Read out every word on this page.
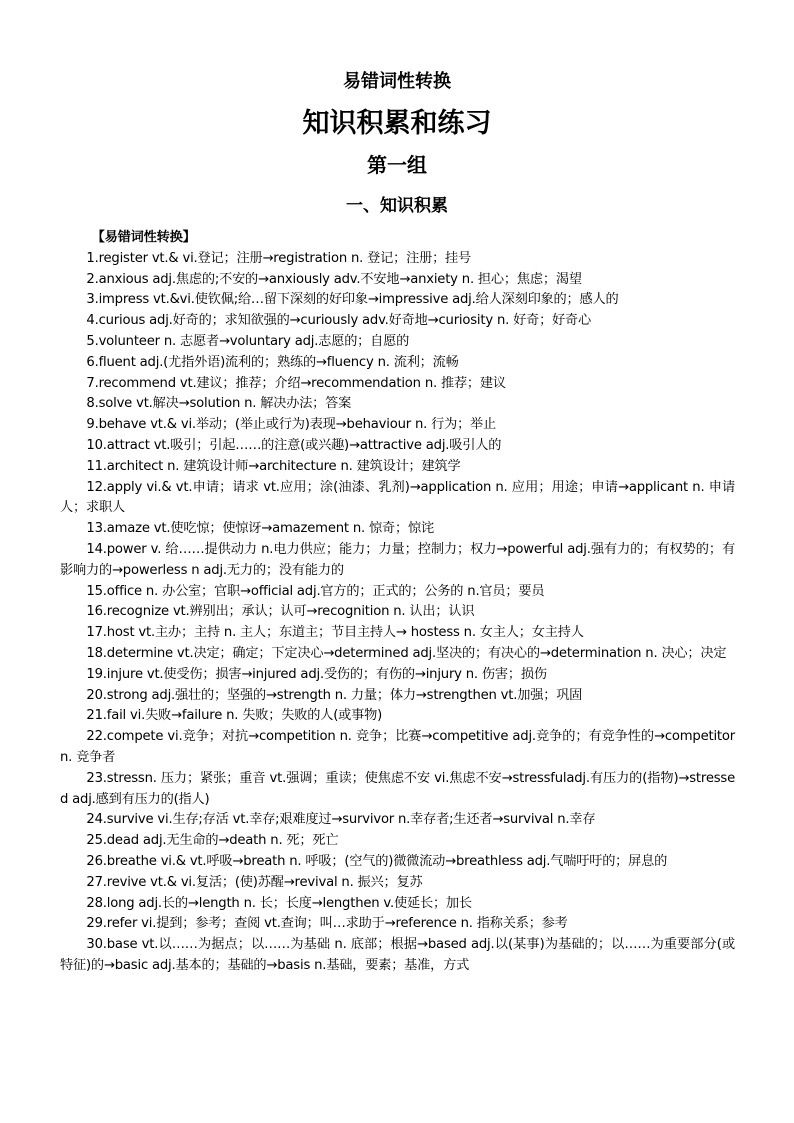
易错词性转换
知识积累和练习
第一组
一、知识积累

【易错词性转换】

1.register vt.& vi.登记；注册→registration n. 登记；注册；挂号

2.anxious adj.焦虑的;不安的→anxiously adv.不安地→anxiety n. 担心；焦虑；渴望

3.impress vt.&vi.使钦佩;给…留下深刻的好印象→impressive adj.给人深刻印象的；感人的

4.curious adj.好奇的；求知欲强的→curiously adv.好奇地→curiosity n. 好奇；好奇心

5.volunteer n. 志愿者→voluntary adj.志愿的；自愿的

6.fluent adj.(尤指外语)流利的；熟练的→fluency n. 流利；流畅

7.recommend vt.建议；推荐；介绍→recommendation n. 推荐；建议

8.solve vt.解决→solution n. 解决办法；答案

9.behave vt.& vi.举动；(举止或行为)表现→behaviour n. 行为；举止

10.attract vt.吸引；引起……的注意(或兴趣)→attractive adj.吸引人的

11.architect n. 建筑设计师→architecture n. 建筑设计；建筑学

12.apply vi.& vt.申请；请求 vt.应用；涂(油漆、乳剂)→application n. 应用；用途；申请→applicant n. 申请人；求职人

13.amaze vt.使吃惊；使惊讶→amazement n. 惊奇；惊诧

14.power v. 给……提供动力 n.电力供应；能力；力量；控制力；权力→powerful adj.强有力的；有权势的；有影响力的→powerless n adj.无力的；没有能力的

15.office n. 办公室；官职→official adj.官方的；正式的；公务的 n.官员；要员

16.recognize vt.辨别出；承认；认可→recognition n. 认出；认识

17.host vt.主办；主持 n. 主人；东道主；节目主持人→ hostess n. 女主人；女主持人

18.determine vt.决定；确定；下定决心→determined adj.坚决的；有决心的→determination n. 决心；决定

19.injure vt.使受伤；损害→injured adj.受伤的；有伤的→injury n. 伤害；损伤

20.strong adj.强壮的；坚强的→strength n. 力量；体力→strengthen vt.加强；巩固

21.fail vi.失败→failure n. 失败；失败的人(或事物)

22.compete vi.竞争；对抗→competition n. 竞争；比赛→competitive adj.竞争的；有竞争性的→competitor n. 竞争者

23.stressn. 压力；紧张；重音 vt.强调；重读；使焦虑不安 vi.焦虑不安→stressfuladj.有压力的(指物)→stressed adj.感到有压力的(指人)

24.survive vi.生存;存活 vt.幸存;艰难度过→survivor n.幸存者;生还者→survival n.幸存

25.dead adj.无生命的→death n. 死；死亡

26.breathe vi.& vt.呼吸→breath n. 呼吸；(空气的)微微流动→breathless adj.气喘吁吁的；屏息的

27.revive vt.& vi.复活；(使)苏醒→revival n. 振兴；复苏

28.long adj.长的→length n. 长；长度→lengthen v.使延长；加长

29.refer vi.提到；参考；查阅 vt.查询；叫…求助于→reference n. 指称关系；参考

30.base vt.以……为据点；以……为基础 n. 底部；根据→based adj.以(某事)为基础的；以……为重要部分(或特征)的→basic adj.基本的；基础的→basis n.基础，要素；基准，方式
